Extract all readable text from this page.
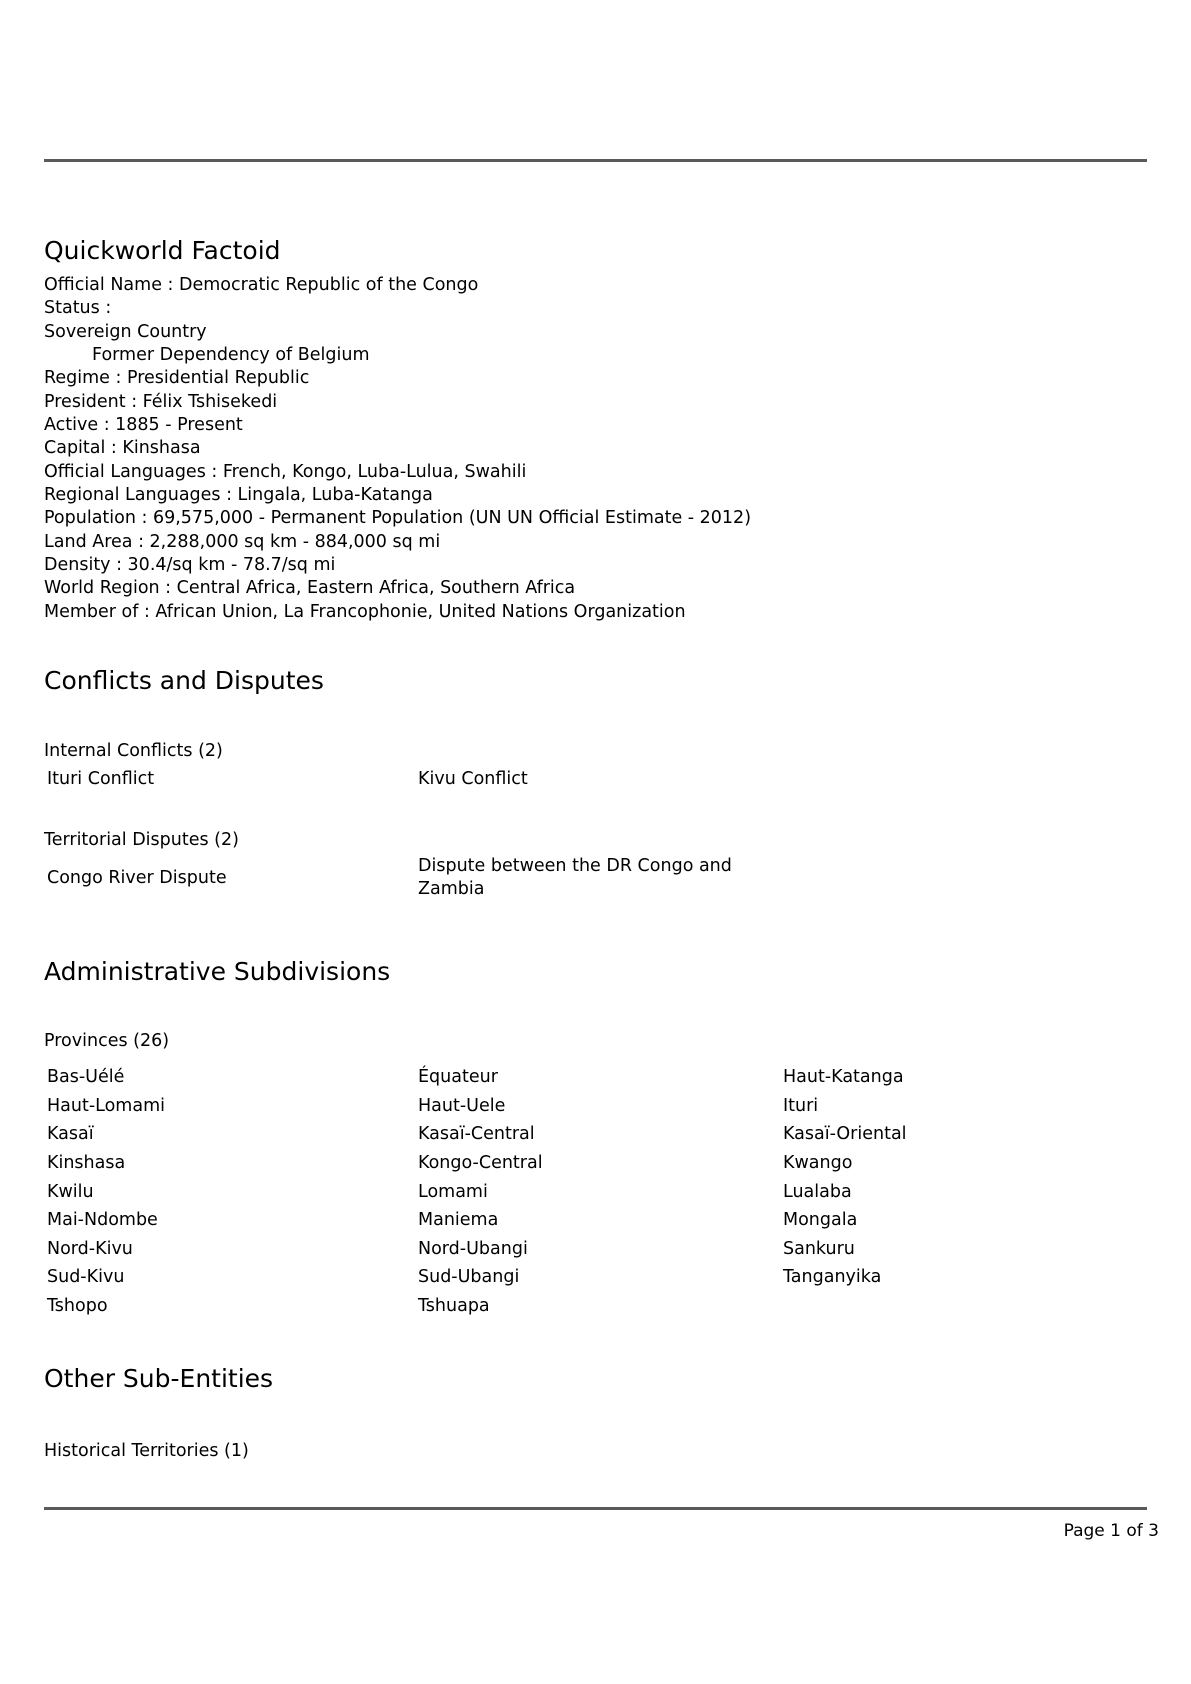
Quickworld Factoid
Official Name : Democratic Republic of the Congo
Status :
Sovereign Country
Former Dependency of Belgium
Regime : Presidential Republic
President : Félix Tshisekedi
Active : 1885 - Present
Capital : Kinshasa
Official Languages : French, Kongo, Luba-Lulua, Swahili
Regional Languages : Lingala, Luba-Katanga
Population : 69,575,000 - Permanent Population (UN UN Official Estimate - 2012)
Land Area : 2,288,000 sq km - 884,000 sq mi
Density : 30.4/sq km - 78.7/sq mi
World Region : Central Africa, Eastern Africa, Southern Africa
Member of : African Union, La Francophonie, United Nations Organization
Conflicts and Disputes
Internal Conflicts (2)
Ituri Conflict	Kivu Conflict
Territorial Disputes (2)
Congo River Dispute
Dispute between the DR Congo and Zambia
Administrative Subdivisions
Provinces (26)
Bas-Uélé	Équateur	Haut-Katanga
Haut-Lomami	Haut-Uele	Ituri
Kasaï	Kasaï-Central	Kasaï-Oriental
Kinshasa	Kongo-Central	Kwango
Kwilu	Lomami	Lualaba
Mai-Ndombe	Maniema	Mongala
Nord-Kivu	Nord-Ubangi	Sankuru
Sud-Kivu	Sud-Ubangi	Tanganyika
Tshopo	Tshuapa
Other Sub-Entities
Historical Territories (1)
Page 1 of 3
